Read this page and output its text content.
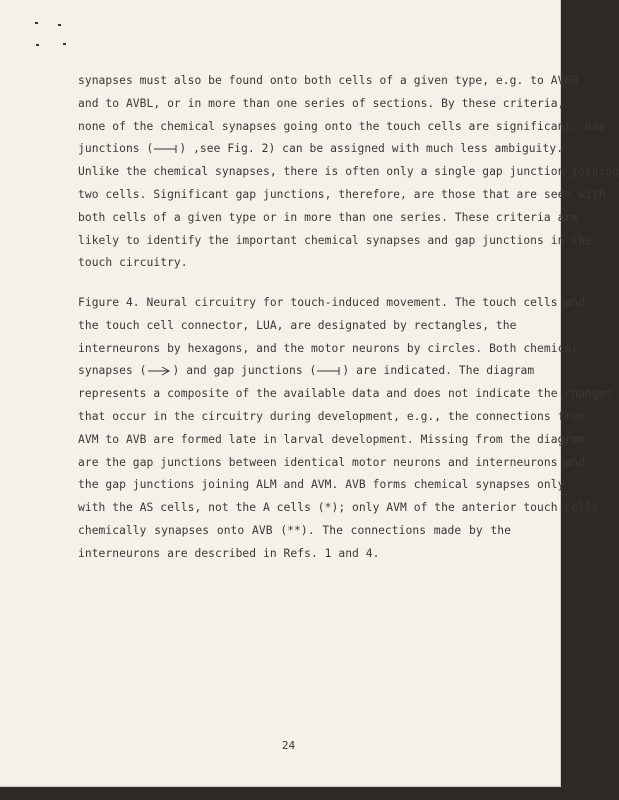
synapses must also be found onto both cells of a given type, e.g. to AVBR
and to AVBL, or in more than one series of sections. By these criteria,
none of the chemical synapses going onto the touch cells are significant. Gap
junctions ( ) ,see Fig. 2) can be assigned with much less ambiguity.
Unlike the chemical synapses, there is often only a single gap junction joining
two cells. Significant gap junctions, therefore, are those that are seen with
both cells of a given type or in more than one series. These criteria are
likely to identify the important chemical synapses and gap junctions in the
touch circuitry.

Figure 4. Neural circuitry for touch-induced movement. The touch cells and
the touch cell connector, LUA, are designated by rectangles, the
interneurons by hexagons, and the motor neurons by circles. Both chemical
synapses ( ) and gap junctions ( ) are indicated. The diagram
represents a composite of the available data and does not indicate the changes
that occur in the circuitry during development, e.g., the connections from
AVM to AVB are formed late in larval development. Missing from the diagram
are the gap junctions between identical motor neurons and interneurons and
the gap junctions joining ALM and AVM. AVB forms chemical synapses only
with the AS cells, not the A cells (*); only AVM of the anterior touch cells
chemically synapses onto AVB (**). The connections made by the
interneurons are described in Refs. 1 and 4.

24
